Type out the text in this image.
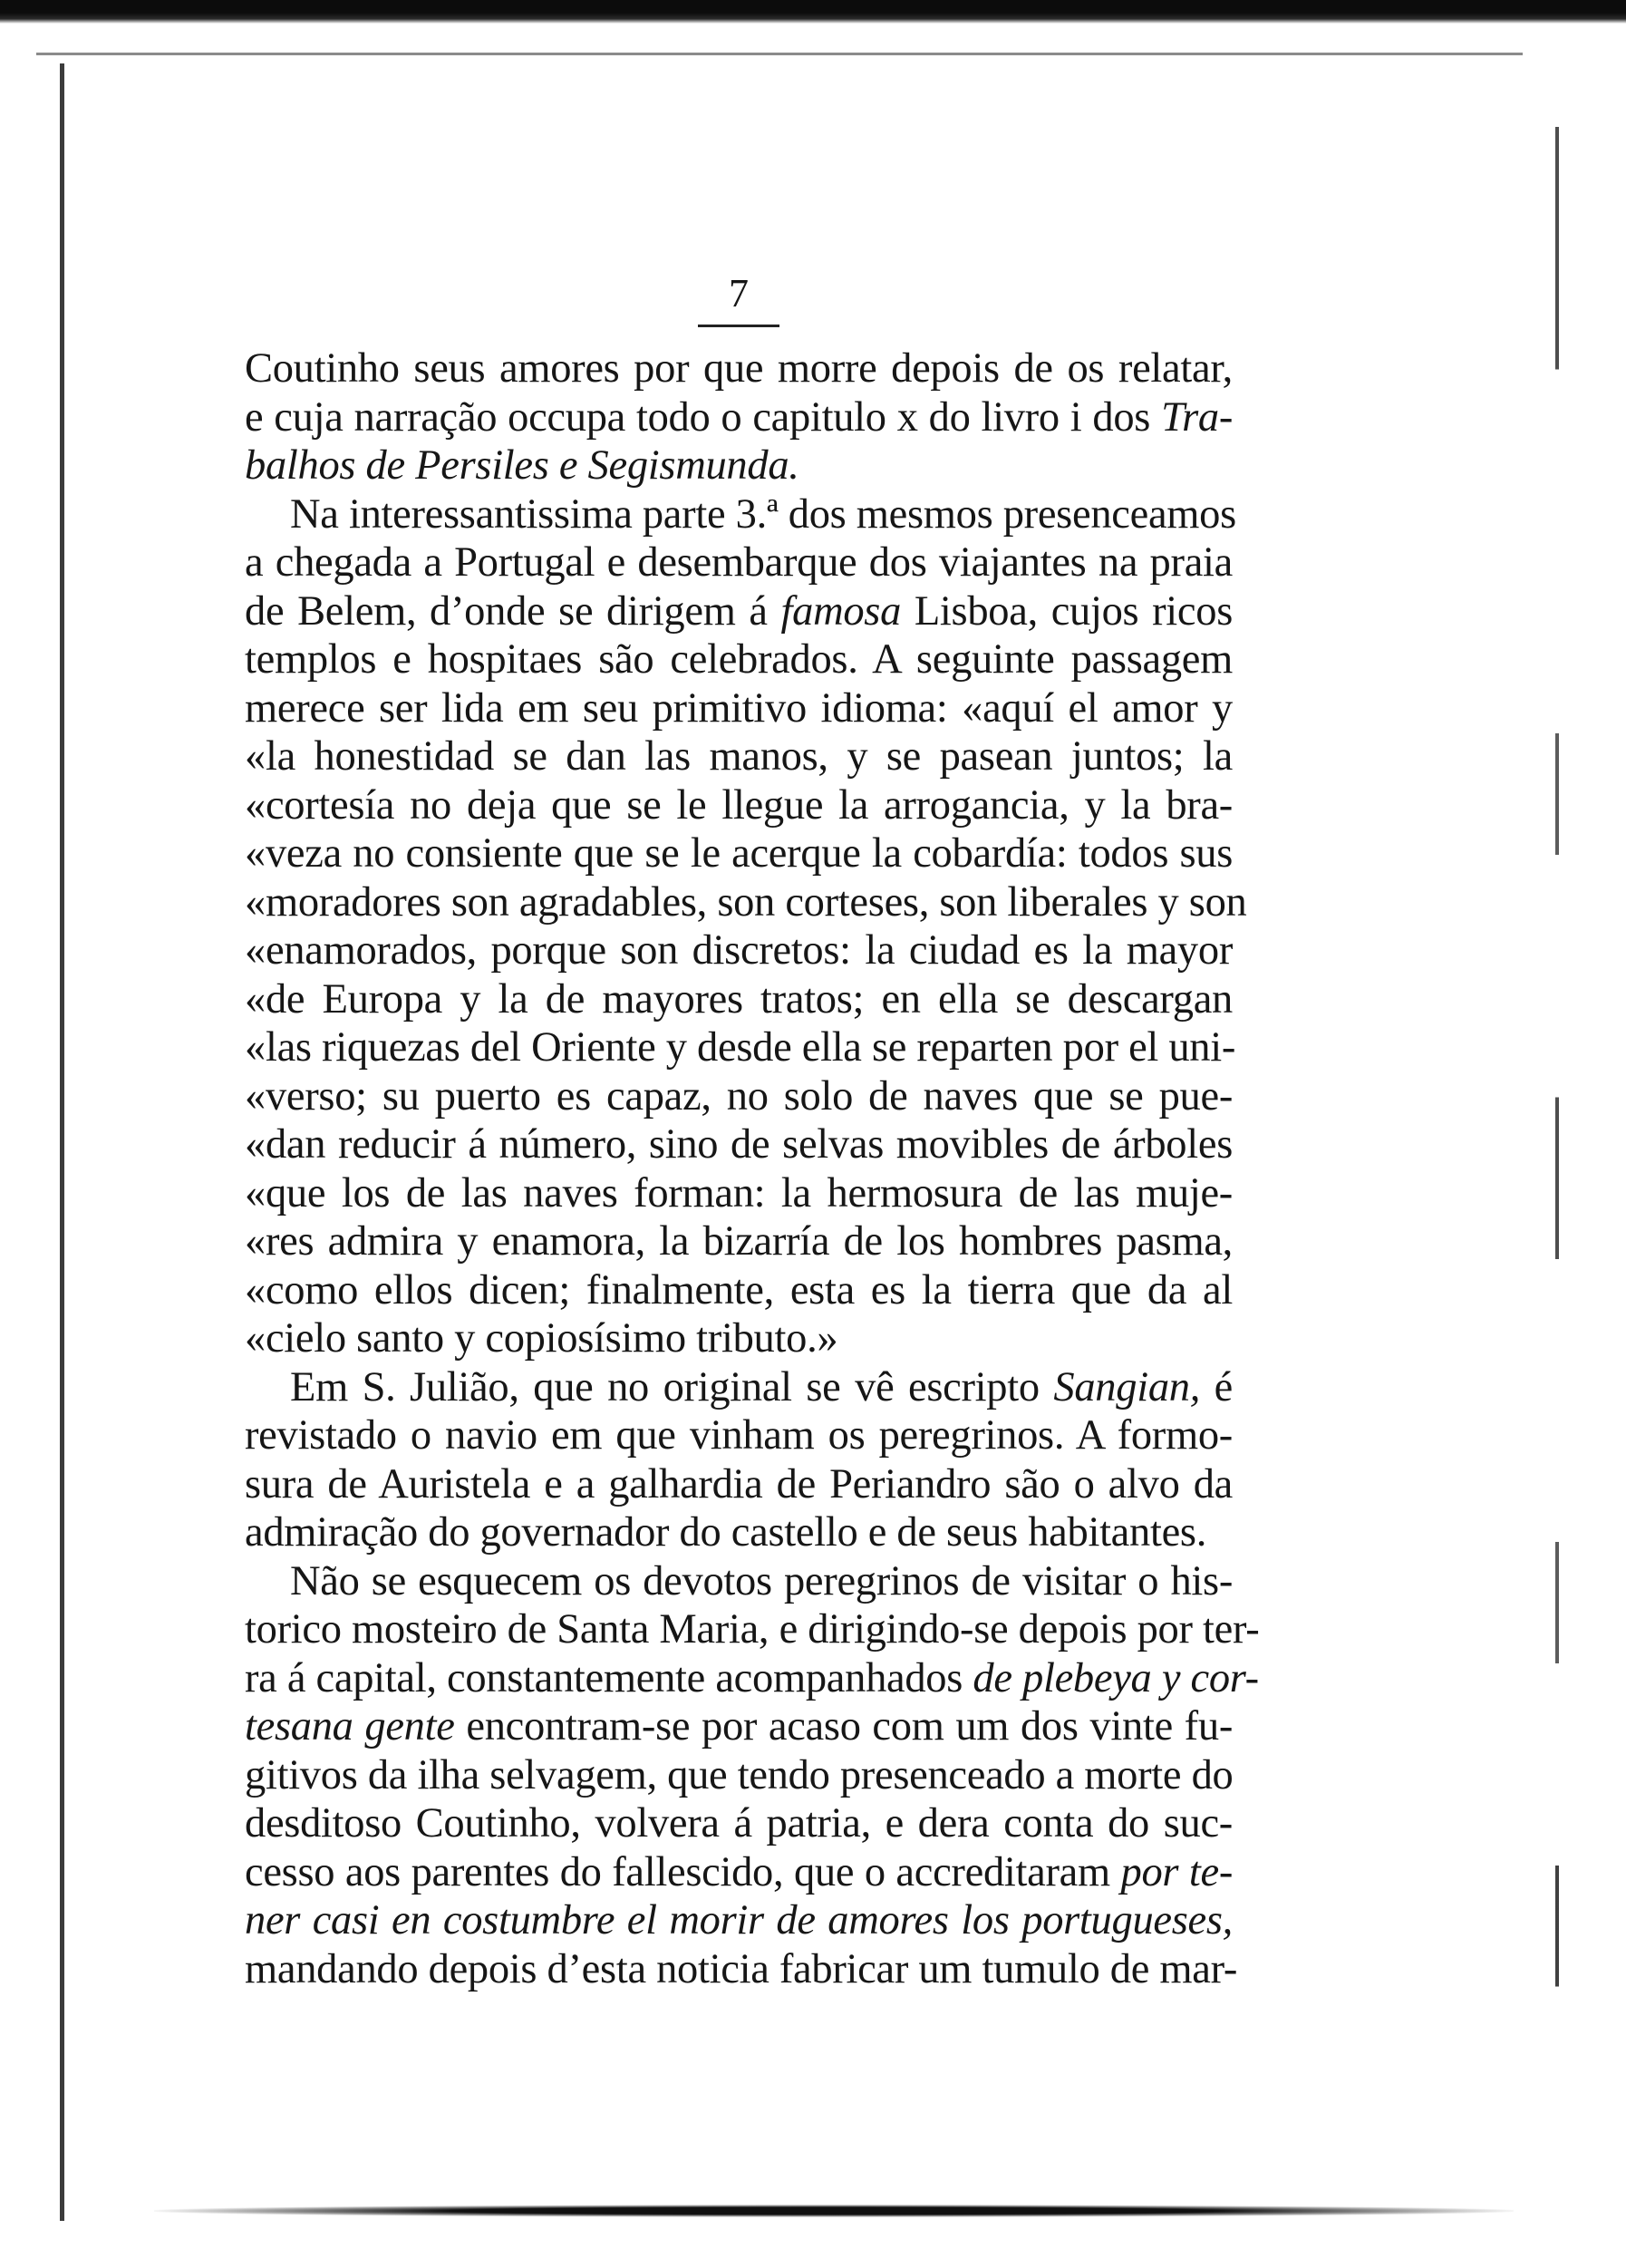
7
Coutinho seus amores por que morre depois de os relatar,
e cuja narração occupa todo o capitulo x do livro i dos Tra-
balhos de Persiles e Segismunda.
Na interessantissima parte 3.ª dos mesmos presenceamos
a chegada a Portugal e desembarque dos viajantes na praia
de Belem, d’onde se dirigem á famosa Lisboa, cujos ricos
templos e hospitaes são celebrados. A seguinte passagem
merece ser lida em seu primitivo idioma: «aquí el amor y
«la honestidad se dan las manos, y se pasean juntos; la
«cortesía no deja que se le llegue la arrogancia, y la bra-
«veza no consiente que se le acerque la cobardía: todos sus
«moradores son agradables, son corteses, son liberales y son
«enamorados, porque son discretos: la ciudad es la mayor
«de Europa y la de mayores tratos; en ella se descargan
«las riquezas del Oriente y desde ella se reparten por el uni-
«verso; su puerto es capaz, no solo de naves que se pue-
«dan reducir á número, sino de selvas movibles de árboles
«que los de las naves forman: la hermosura de las muje-
«res admira y enamora, la bizarría de los hombres pasma,
«como ellos dicen; finalmente, esta es la tierra que da al
«cielo santo y copiosísimo tributo.»
Em S. Julião, que no original se vê escripto Sangian, é
revistado o navio em que vinham os peregrinos. A formo-
sura de Auristela e a galhardia de Periandro são o alvo da
admiração do governador do castello e de seus habitantes.
Não se esquecem os devotos peregrinos de visitar o his-
torico mosteiro de Santa Maria, e dirigindo-se depois por ter-
ra á capital, constantemente acompanhados de plebeya y cor-
tesana gente encontram-se por acaso com um dos vinte fu-
gitivos da ilha selvagem, que tendo presenceado a morte do
desditoso Coutinho, volvera á patria, e dera conta do suc-
cesso aos parentes do fallescido, que o accreditaram por te-
ner casi en costumbre el morir de amores los portugueses,
mandando depois d’esta noticia fabricar um tumulo de mar-
